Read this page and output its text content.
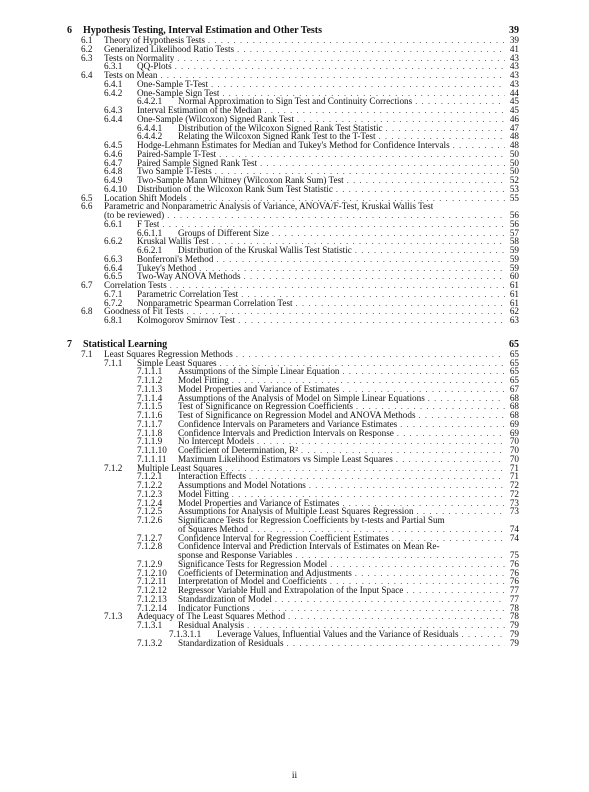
6	Hypothesis Testing, Interval Estimation and Other Tests	39
6.1	Theory of Hypothesis Tests . . .	39
6.2	Generalized Likelihood Ratio Tests . . .	41
6.3	Tests on Normality . . .	43
6.3.1	QQ-Plots . . .	43
6.4	Tests on Mean . . .	43
6.4.1	One-Sample T-Test . . .	43
6.4.2	One-Sample Sign Test . . .	44
6.4.2.1	Normal Approximation to Sign Test and Continuity Corrections . . .	45
6.4.3	Interval Estimation of the Median . . .	45
6.4.4	One-Sample (Wilcoxon) Signed Rank Test . . .	46
6.4.4.1	Distribution of the Wilcoxon Signed Rank Test Statistic . . .	47
6.4.4.2	Relating the Wilcoxon Signed Rank Test to the T-Test . . .	48
6.4.5	Hodge-Lehmann Estimates for Median and Tukey's Method for Confidence Intervals . . .	48
6.4.6	Paired-Sample T-Test . . .	50
6.4.7	Paired Sample Signed Rank Test . . .	50
6.4.8	Two Sample T-Tests . . .	50
6.4.9	Two-Sample Mann Whitney (Wilcoxon Rank Sum) Test . . .	52
6.4.10	Distribution of the Wilcoxon Rank Sum Test Statistic . . .	53
6.5	Location Shift Models . . .	55
6.6	Parametric and Nonparametric Analysis of Variance, ANOVA/F-Test, Kruskal Wallis Test
(to be reviewed) . . .	56
6.6.1	F Test . . .	56
6.6.1.1	Groups of Different Size . . .	57
6.6.2	Kruskal Wallis Test . . .	58
6.6.2.1	Distribution of the Kruskal Wallis Test Statistic . . .	59
6.6.3	Bonferroni's Method . . .	59
6.6.4	Tukey's Method . . .	59
6.6.5	Two-Way ANOVA Methods . . .	60
6.7	Correlation Tests . . .	61
6.7.1	Parametric Correlation Test . . .	61
6.7.2	Nonparametric Spearman Correlation Test . . .	61
6.8	Goodness of Fit Tests . . .	62
6.8.1	Kolmogorov Smirnov Test . . .	63
7	Statistical Learning	65
7.1	Least Squares Regression Methods . . .	65
7.1.1	Simple Least Squares . . .	65
7.1.1.1	Assumptions of the Simple Linear Equation . . .	65
7.1.1.2	Model Fitting . . .	65
7.1.1.3	Model Properties and Variance of Estimates . . .	67
7.1.1.4	Assumptions of the Analysis of Model on Simple Linear Equations . . .	68
7.1.1.5	Test of Significance on Regression Coefficients . . .	68
7.1.1.6	Test of Significance on Regression Model and ANOVA Methods . . .	68
7.1.1.7	Confidence Intervals on Parameters and Variance Estimates . . .	69
7.1.1.8	Confidence Intervals and Prediction Intervals on Response . . .	69
7.1.1.9	No Intercept Models . . .	70
7.1.1.10	Coefficient of Determination, R² . . .	70
7.1.1.11	Maximum Likelihood Estimators vs Simple Least Squares . . .	70
7.1.2	Multiple Least Squares . . .	71
7.1.2.1	Interaction Effects . . .	71
7.1.2.2	Assumptions and Model Notations . . .	72
7.1.2.3	Model Fitting . . .	72
7.1.2.4	Model Properties and Variance of Estimates . . .	73
7.1.2.5	Assumptions for Analysis of Multiple Least Squares Regression . . .	73
7.1.2.6	Significance Tests for Regression Coefficients by t-tests and Partial Sum
of Squares Method . . .	74
7.1.2.7	Confidence Interval for Regression Coefficient Estimates . . .	74
7.1.2.8	Confidence Interval and Prediction Intervals of Estimates on Mean Re-
sponse and Response Variables . . .	75
7.1.2.9	Significance Tests for Regression Model . . .	76
7.1.2.10	Coefficients of Determination and Adjustments . . .	76
7.1.2.11	Interpretation of Model and Coefficients . . .	76
7.1.2.12	Regressor Variable Hull and Extrapolation of the Input Space . . .	77
7.1.2.13	Standardization of Model . . .	77
7.1.2.14	Indicator Functions . . .	78
7.1.3	Adequacy of The Least Squares Method . . .	78
7.1.3.1	Residual Analysis . . .	79
7.1.3.1.1	Leverage Values, Influential Values and the Variance of Residuals . . .	79
7.1.3.2	Standardization of Residuals . . .	79
ii
